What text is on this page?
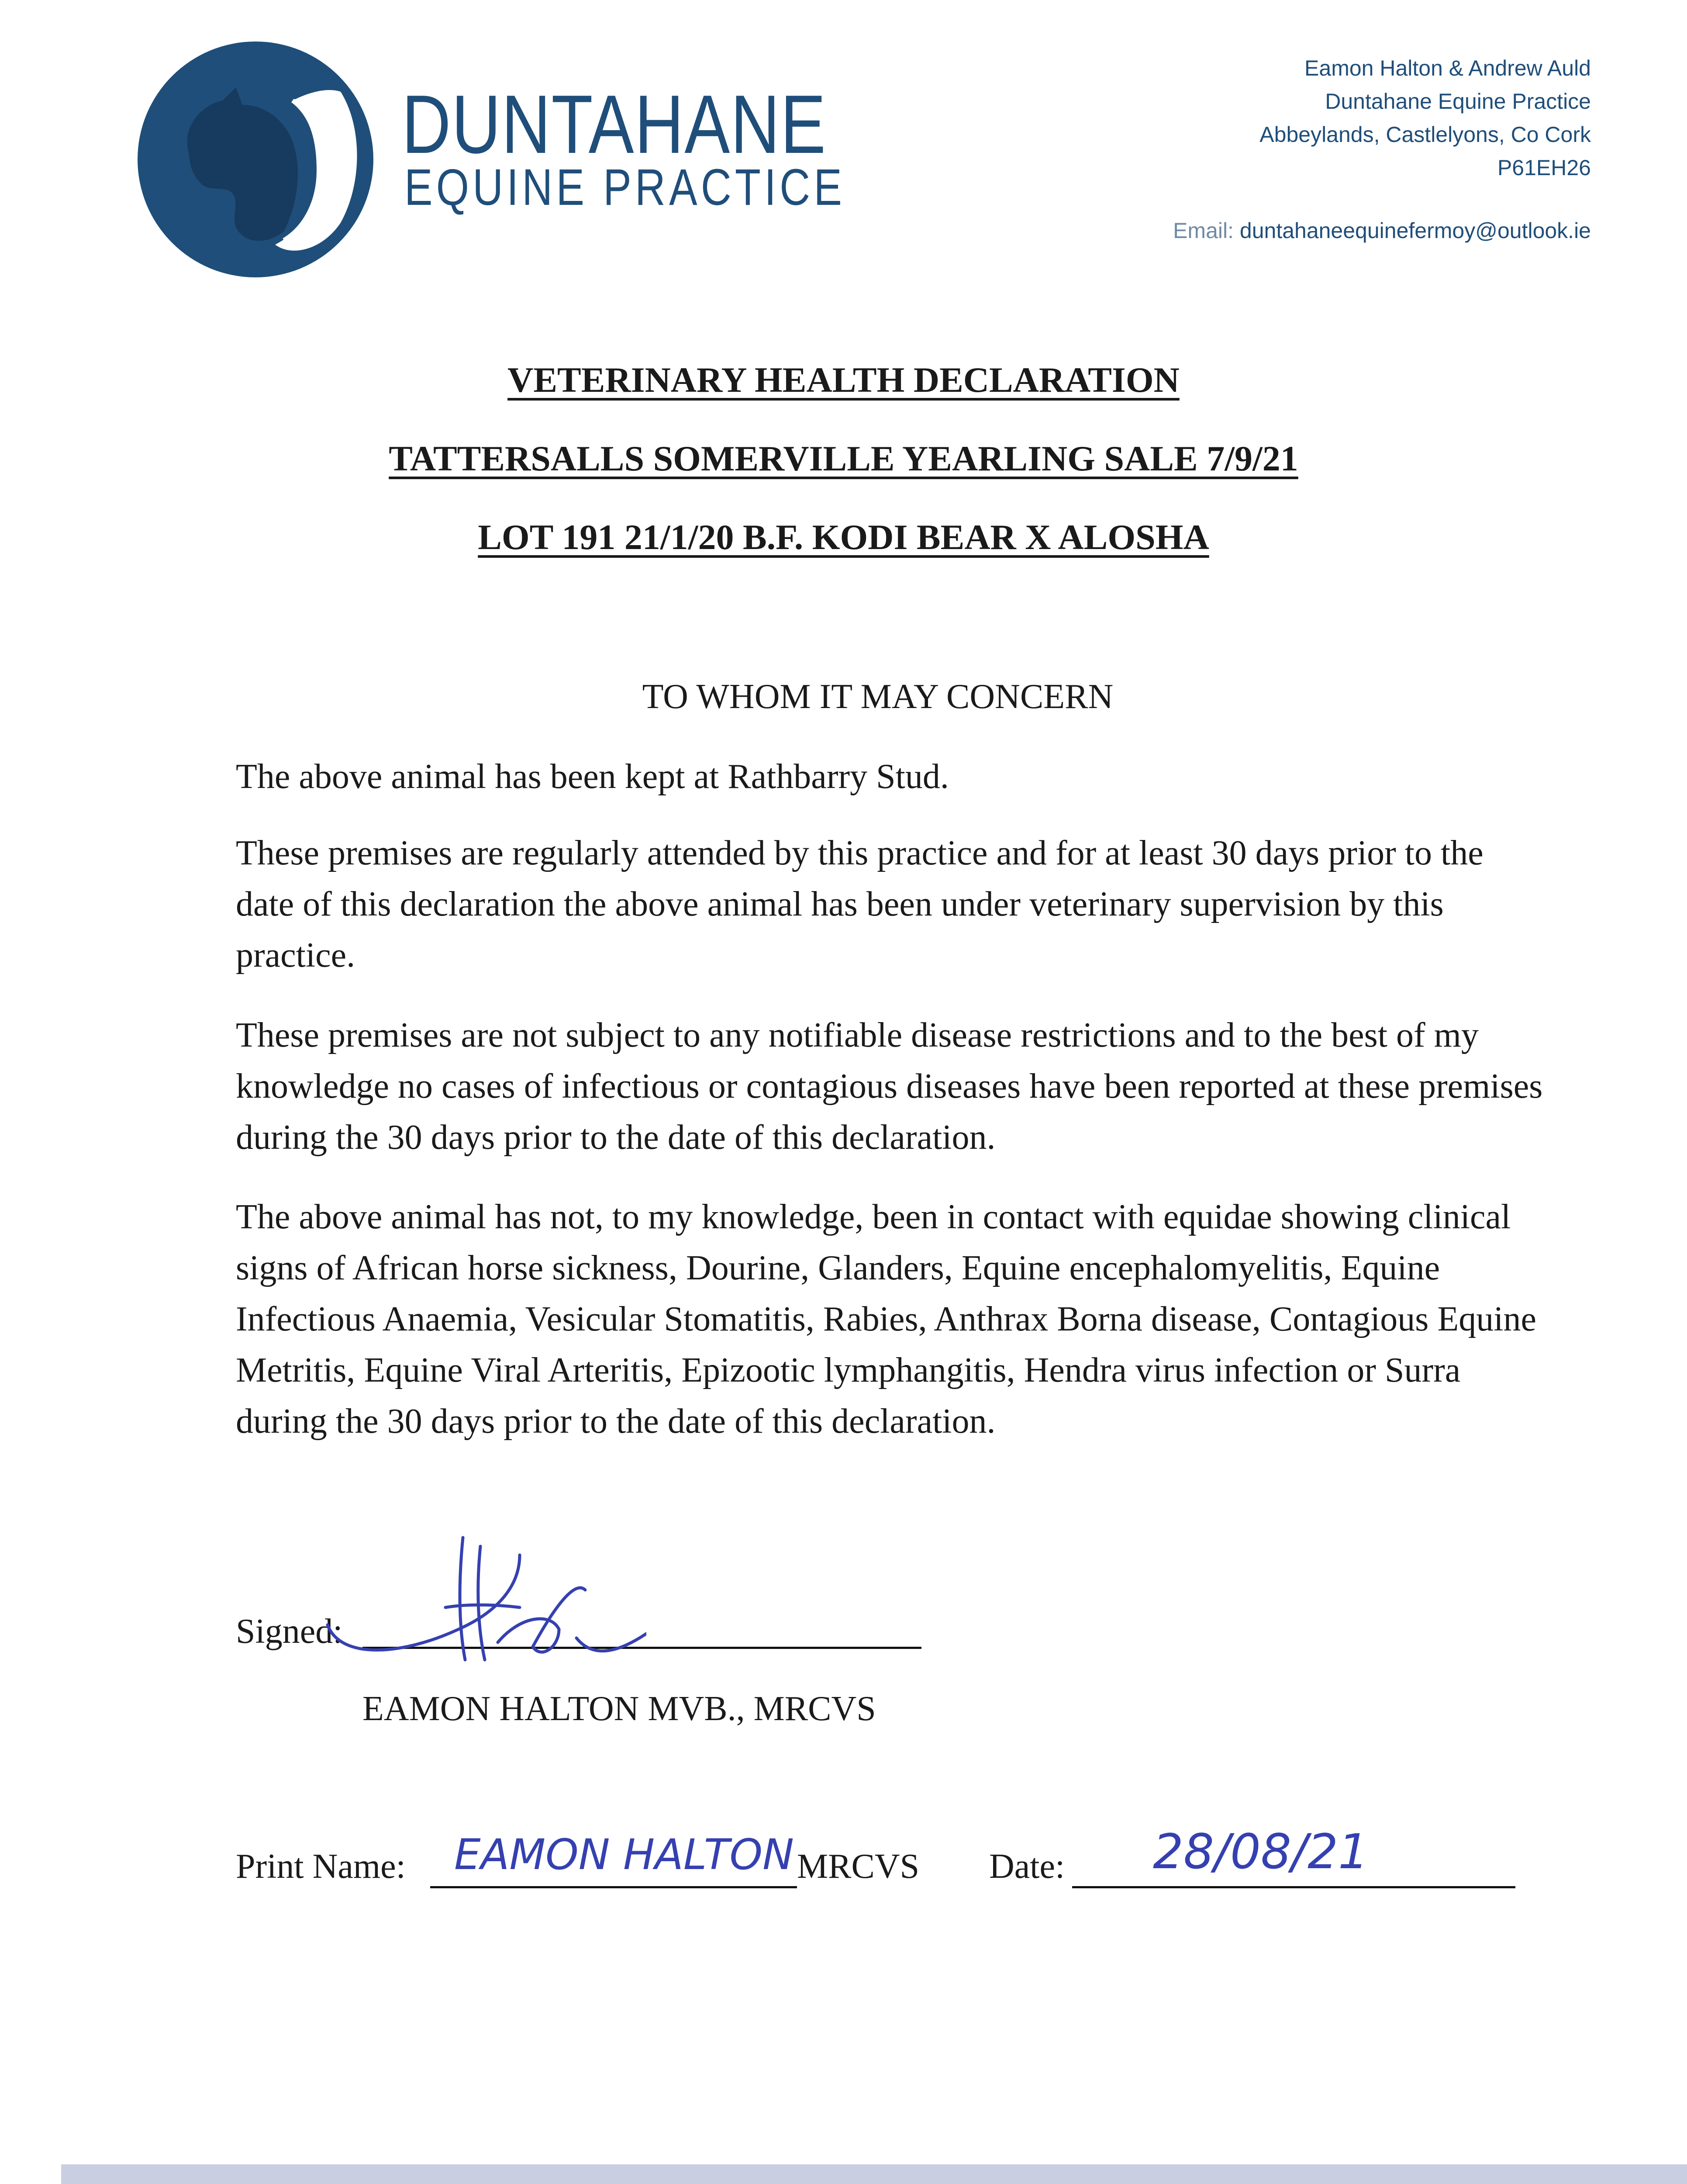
DUNTAHANE
EQUINE PRACTICE
Eamon Halton & Andrew Auld
Duntahane Equine Practice
Abbeylands, Castlelyons, Co Cork
P61EH26
Email: duntahaneequinefermoy@outlook.ie
VETERINARY HEALTH DECLARATION
TATTERSALLS SOMERVILLE YEARLING SALE 7/9/21
LOT 191 21/1/20 B.F. KODI BEAR X ALOSHA
TO WHOM IT MAY CONCERN
The above animal has been kept at Rathbarry Stud.
These premises are regularly attended by this practice and for at least 30 days prior to the date of this declaration the above animal has been under veterinary supervision by this practice.
These premises are not subject to any notifiable disease restrictions and to the best of my knowledge no cases of infectious or contagious diseases have been reported at these premises during the 30 days prior to the date of this declaration.
The above animal has not, to my knowledge, been in contact with equidae showing clinical signs of African horse sickness, Dourine, Glanders, Equine encephalomyelitis, Equine Infectious Anaemia, Vesicular Stomatitis, Rabies, Anthrax Borna disease, Contagious Equine Metritis, Equine Viral Arteritis, Epizootic lymphangitis, Hendra virus infection or Surra during the 30 days prior to the date of this declaration.
Signed:
EAMON HALTON MVB., MRCVS
Print Name: EAMON HALTON MRCVS Date: 28/08/21
